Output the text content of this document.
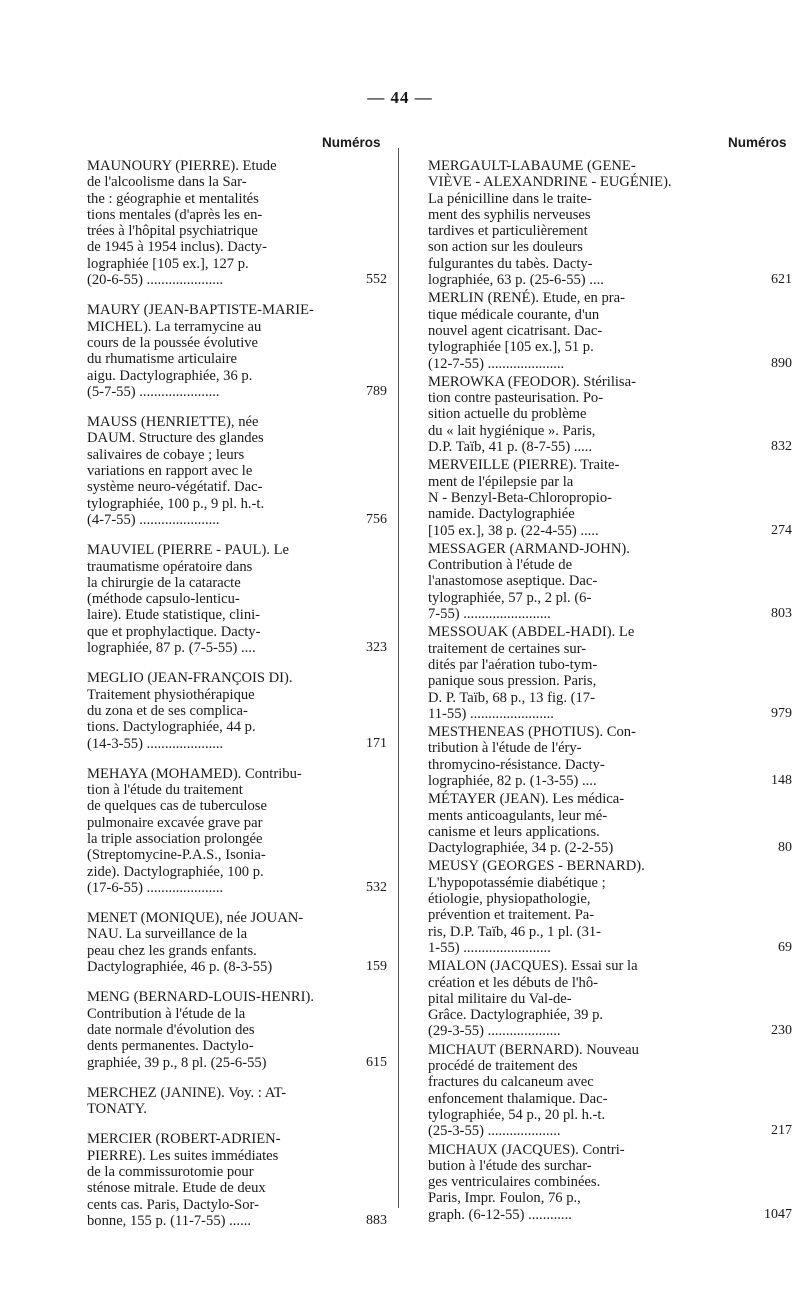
— 44 —
Numéros	Numéros
MAUNOURY (PIERRE). Etude
de l'alcoolisme dans la Sar-
the : géographie et mentalités
tions mentales (d'après les en-
trées à l'hôpital psychiatrique
de 1945 à 1954 inclus). Dacty-
lographiée [105 ex.], 127 p.
(20-6-55) .....................	552
MAURY (JEAN-BAPTISTE-MARIE-
MICHEL). La terramycine au
cours de la poussée évolutive
du rhumatisme articulaire
aigu. Dactylographiée, 36 p.
(5-7-55) ......................	789
MAUSS (HENRIETTE), née
DAUM. Structure des glandes
salivaires de cobaye ; leurs
variations en rapport avec le
système neuro-végétatif. Dac-
tylographiée, 100 p., 9 pl. h.-t.
(4-7-55) ......................	756
MAUVIEL (PIERRE - PAUL). Le
traumatisme opératoire dans
la chirurgie de la cataracte
(méthode capsulo-lenticu-
laire). Etude statistique, clini-
que et prophylactique. Dacty-
lographiée, 87 p. (7-5-55) ....	323
MEGLIO (JEAN-FRANÇOIS DI).
Traitement physiothérapique
du zona et de ses complica-
tions. Dactylographiée, 44 p.
(14-3-55) .....................	171
MEHAYA (MOHAMED). Contribu-
tion à l'étude du traitement
de quelques cas de tuberculose
pulmonaire excavée grave par
la triple association prolongée
(Streptomycine-P.A.S., Isonia-
zide). Dactylographiée, 100 p.
(17-6-55) .....................	532
MENET (MONIQUE), née JOUAN-
NAU. La surveillance de la
peau chez les grands enfants.
Dactylographiée, 46 p. (8-3-55)	159
MENG (BERNARD-LOUIS-HENRI).
Contribution à l'étude de la
date normale d'évolution des
dents permanentes. Dactylo-
graphiée, 39 p., 8 pl. (25-6-55)	615
MERCHEZ (JANINE). Voy. : AT-
TONATY.
MERCIER (ROBERT-ADRIEN-
PIERRE). Les suites immédiates
de la commissurotomie pour
sténose mitrale. Etude de deux
cents cas. Paris, Dactylo-Sor-
bonne, 155 p. (11-7-55) ......	883
MERGAULT-LABAUME (GENE-
VIÈVE - ALEXANDRINE - EUGÉNIE).
La pénicilline dans le traite-
ment des syphilis nerveuses
tardives et particulièrement
son action sur les douleurs
fulgurantes du tabès. Dacty-
lographiée, 63 p. (25-6-55) ....	621
MERLIN (RENÉ). Etude, en pra-
tique médicale courante, d'un
nouvel agent cicatrisant. Dac-
tylographiée [105 ex.], 51 p.
(12-7-55) .....................	890
MEROWKA (FEODOR). Stérilisa-
tion contre pasteurisation. Po-
sition actuelle du problème
du « lait hygiénique ». Paris,
D.P. Taïb, 41 p. (8-7-55) .....	832
MERVEILLE (PIERRE). Traite-
ment de l'épilepsie par la
N - Benzyl-Beta-Chloropropio-
namide. Dactylographiée
[105 ex.], 38 p. (22-4-55) .....	274
MESSAGER (ARMAND-JOHN).
Contribution à l'étude de
l'anastomose aseptique. Dac-
tylographiée, 57 p., 2 pl. (6-
7-55) ........................	803
MESSOUAK (ABDEL-HADI). Le
traitement de certaines sur-
dités par l'aération tubo-tym-
panique sous pression. Paris,
D. P. Taïb, 68 p., 13 fig. (17-
11-55) .......................	979
MESTHENEAS (PHOTIUS). Con-
tribution à l'étude de l'éry-
thromycino-résistance. Dacty-
lographiée, 82 p. (1-3-55) ....	148
MÉTAYER (JEAN). Les médica-
ments anticoagulants, leur mé-
canisme et leurs applications.
Dactylographiée, 34 p. (2-2-55)	80
MEUSY (GEORGES - BERNARD).
L'hypopotassémie diabétique ;
étiologie, physiopathologie,
prévention et traitement. Pa-
ris, D.P. Taïb, 46 p., 1 pl. (31-
1-55) ........................	69
MIALON (JACQUES). Essai sur la
création et les débuts de l'hô-
pital militaire du Val-de-
Grâce. Dactylographiée, 39 p.
(29-3-55) ....................	230
MICHAUT (BERNARD). Nouveau
procédé de traitement des
fractures du calcaneum avec
enfoncement thalamique. Dac-
tylographiée, 54 p., 20 pl. h.-t.
(25-3-55) ....................	217
MICHAUX (JACQUES). Contri-
bution à l'étude des surchar-
ges ventriculaires combinées.
Paris, Impr. Foulon, 76 p.,
graph. (6-12-55) ............	1047
